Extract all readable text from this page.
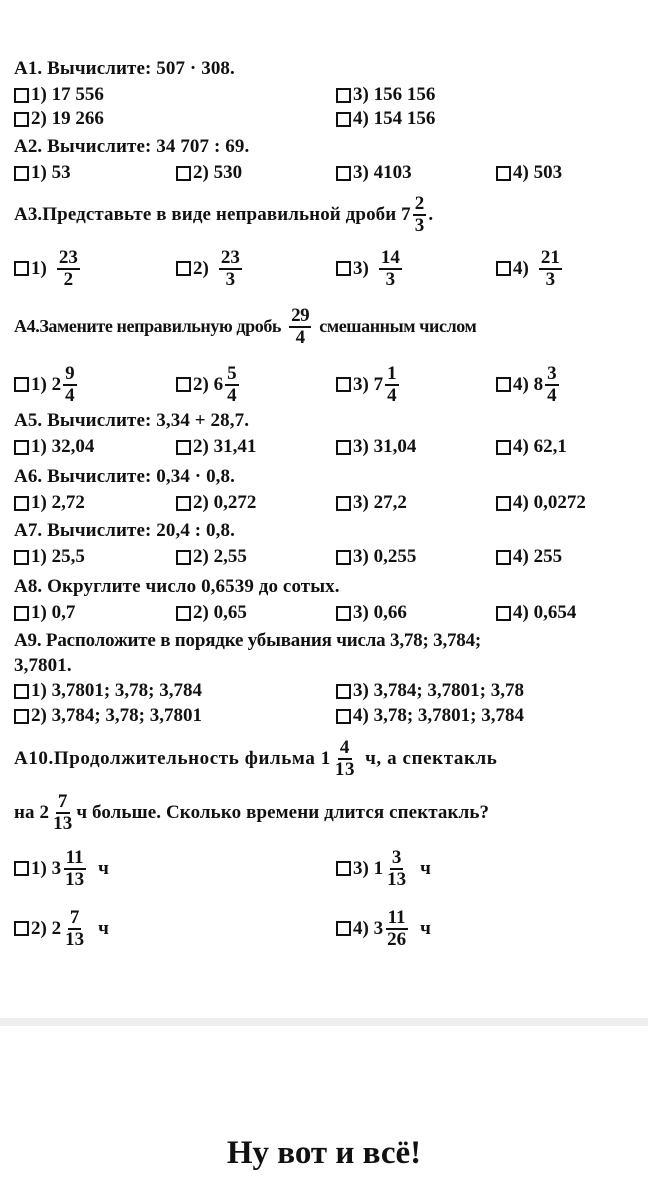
А1. Вычислите: 507 · 308.
1) 17 556
2) 19 266
3) 156 156
4) 154 156
А2. Вычислите: 34 707 : 69.
1) 53	2) 530	3) 4103	4) 503
А3. Представьте в виде неправильной дроби $7 \frac{2}{3}$ .
$1) \frac{23}{2}$	$2) \frac{23}{3}$	$3) \frac{14}{3}$	$4) \frac{21}{3}$
А4. Замените неправильную дробь $\frac{29}{4}$ смешанным числом
1) $2 \frac{9}{4}$	2) $6 \frac{5}{4}$	3) $7 \frac{1}{4}$	4) $8 \frac{3}{4}$
А5. Вычислите: 3,34 + 28,7.
1) 32,04	2) 31,41	3) 31,04	4) 62,1
А6. Вычислите: 0,34 · 0,8.
1) 2,72	2) 0,272	3) 27,2	4) 0,0272
А7. Вычислите: 20,4 : 0,8.
1) 25,5	2) 2,55	3) 0,255	4) 255
А8. Округлите число 0,6539 до сотых.
1) 0,7	2) 0,65	3) 0,66	4) 0,654
А9. Расположите в порядке убывания числа 3,78; 3,784;
3,7801.
1) 3,7801; 3,78; 3,784
2) 3,784; 3,78; 3,7801
3) 3,784; 3,7801; 3,78
4) 3,78; 3,7801; 3,784
А10. Продолжительность фильма $1 \frac{4}{13} ч$, а спектакль
на $2 \frac{7}{13}$ ч больше. Сколько времени длится спектакль?
1) $3 \frac{11}{13}$ ч
2) $2 \frac{7}{13}$ ч
3) $1 \frac{3}{13}$ ч
4) $3 \frac{11}{26}$ ч
Ну вот и всё!
